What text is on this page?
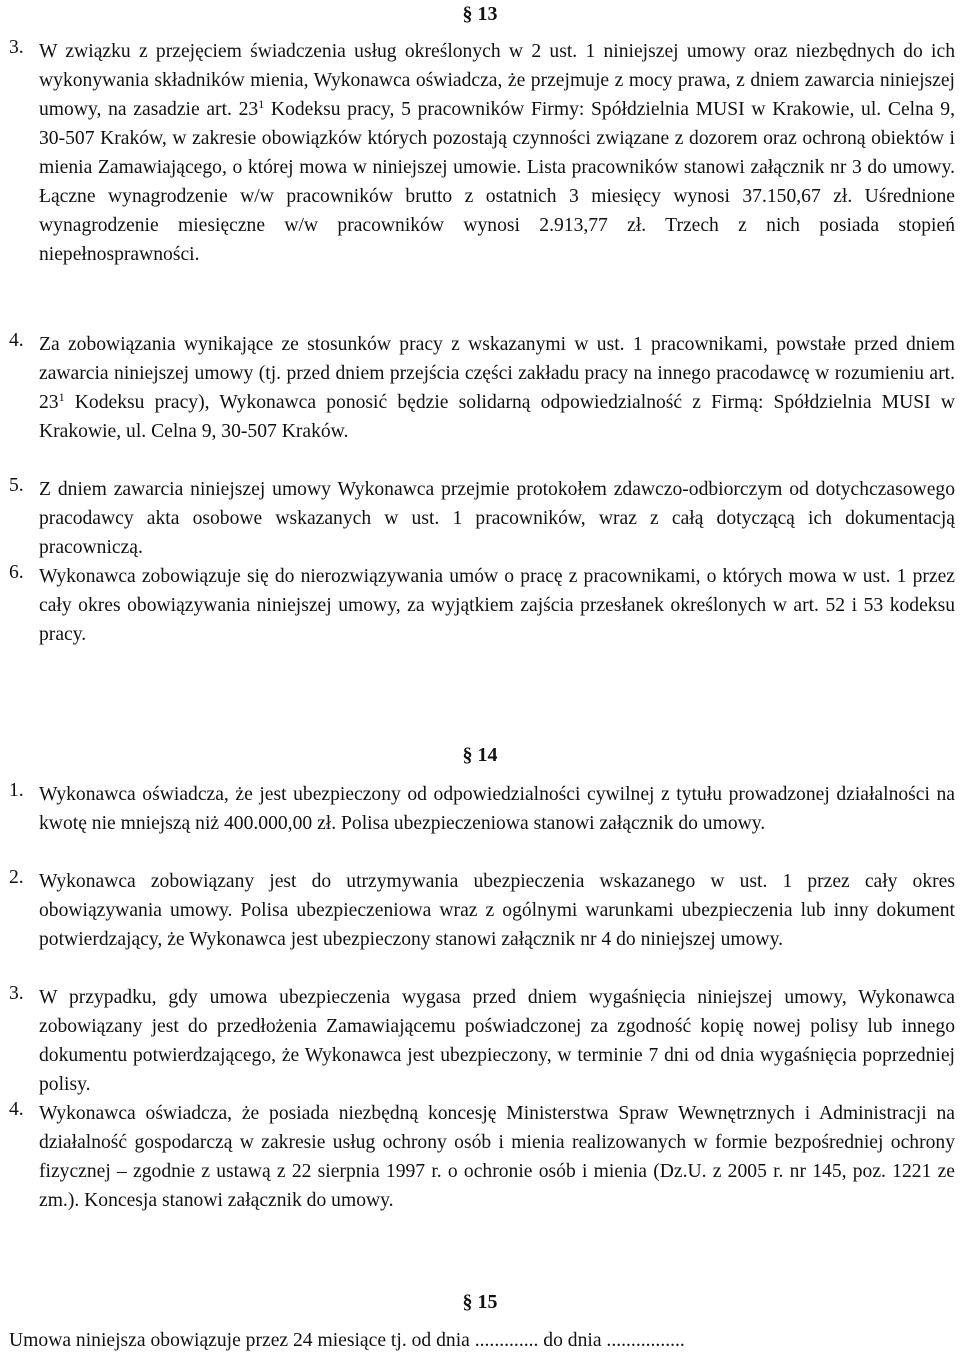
§ 13
3. W związku z przejęciem świadczenia usług określonych w 2 ust. 1 niniejszej umowy oraz niezbędnych do ich wykonywania składników mienia, Wykonawca oświadcza, że przejmuje z mocy prawa, z dniem zawarcia niniejszej umowy, na zasadzie art. $23^1$ Kodeksu pracy, 5 pracowników Firmy: Spółdzielnia MUSI w Krakowie, ul. Celna 9, 30-507 Kraków, w zakresie obowiązków których pozostają czynności związane z dozorem oraz ochroną obiektów i mienia Zamawiającego, o której mowa w niniejszej umowie. Lista pracowników stanowi załącznik nr 3 do umowy. Łączne wynagrodzenie w/w pracowników brutto z ostatnich 3 miesięcy wynosi 37.150,67 zł. Uśrednione wynagrodzenie miesięczne w/w pracowników wynosi 2.913,77 zł. Trzech z nich posiada stopień niepełnosprawności.
4. Za zobowiązania wynikające ze stosunków pracy z wskazanymi w ust. 1 pracownikami, powstałe przed dniem zawarcia niniejszej umowy (tj. przed dniem przejścia części zakładu pracy na innego pracodawcę w rozumieniu art. $23^1$ Kodeksu pracy), Wykonawca ponosić będzie solidarną odpowiedzialność z Firmą: Spółdzielnia MUSI w Krakowie, ul. Celna 9, 30-507 Kraków.
5. Z dniem zawarcia niniejszej umowy Wykonawca przejmie protokołem zdawczo-odbiorczym od dotychczasowego pracodawcy akta osobowe wskazanych w ust. 1 pracowników, wraz z całą dotyczącą ich dokumentacją pracowniczą.
6. Wykonawca zobowiązuje się do nierozwiązywania umów o pracę z pracownikami, o których mowa w ust. 1 przez cały okres obowiązywania niniejszej umowy, za wyjątkiem zajścia przesłanek określonych w art. 52 i 53 kodeksu pracy.
§ 14
1. Wykonawca oświadcza, że jest ubezpieczony od odpowiedzialności cywilnej z tytułu prowadzonej działalności na kwotę nie mniejszą niż 400.000,00 zł. Polisa ubezpieczeniowa stanowi załącznik do umowy.
2. Wykonawca zobowiązany jest do utrzymywania ubezpieczenia wskazanego w ust. 1 przez cały okres obowiązywania umowy. Polisa ubezpieczeniowa wraz z ogólnymi warunkami ubezpieczenia lub inny dokument potwierdzający, że Wykonawca jest ubezpieczony stanowi załącznik nr 4 do niniejszej umowy.
3. W przypadku, gdy umowa ubezpieczenia wygasa przed dniem wygaśnięcia niniejszej umowy, Wykonawca zobowiązany jest do przedłożenia Zamawiającemu poświadczonej za zgodność kopię nowej polisy lub innego dokumentu potwierdzającego, że Wykonawca jest ubezpieczony, w terminie 7 dni od dnia wygaśnięcia poprzedniej polisy.
4. Wykonawca oświadcza, że posiada niezbędną koncesję Ministerstwa Spraw Wewnętrznych i Administracji na działalność gospodarczą w zakresie usług ochrony osób i mienia realizowanych w formie bezpośredniej ochrony fizycznej – zgodnie z ustawą z 22 sierpnia 1997 r. o ochronie osób i mienia (Dz.U. z 2005 r. nr 145, poz. 1221 ze zm.). Koncesja stanowi załącznik do umowy.
§ 15
Umowa niniejsza obowiązuje przez 24 miesiące tj. od dnia ............. do dnia ................
